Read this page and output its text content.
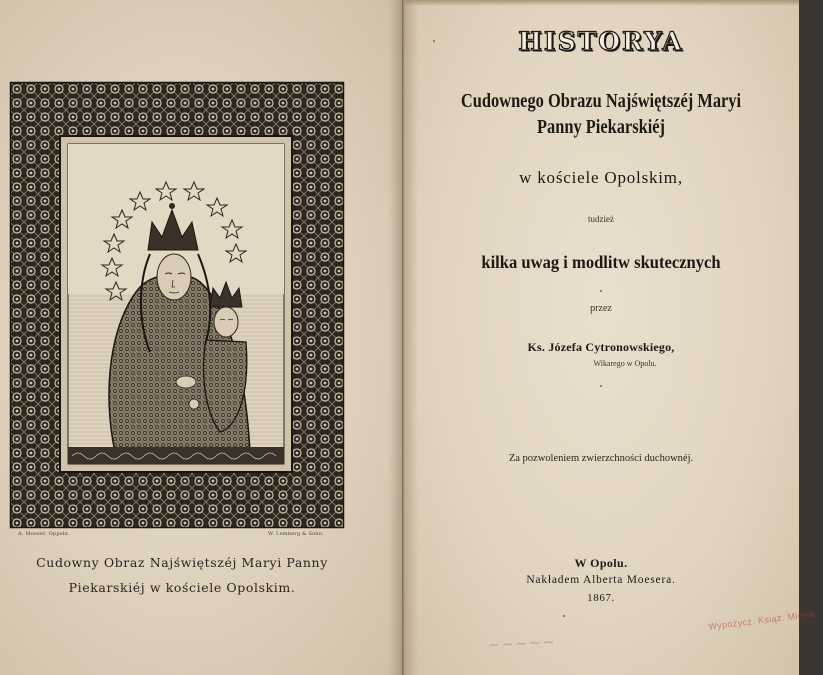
A. Moeser, Oppeln.	W. Lemberg & Sohn.
Cudowny Obraz Najświętszéj Maryi Panny Piekarskiéj w kościele Opolskim.
HISTORYA
Cudownego Obrazu Najświętszéj Maryi
Panny Piekarskiéj
w kościele Opolskim,
tudzież
kilka uwag i modlitw skutecznych
przez
Ks. Józefa Cytronowskiego,
Wikarego w Opolu.
Za pozwoleniem zwierzchności duchownéj.
W Opolu.
Nakładem Alberta Moesera.
1867.
Wypożycz. Książ. Miejsk.
~~~~~
